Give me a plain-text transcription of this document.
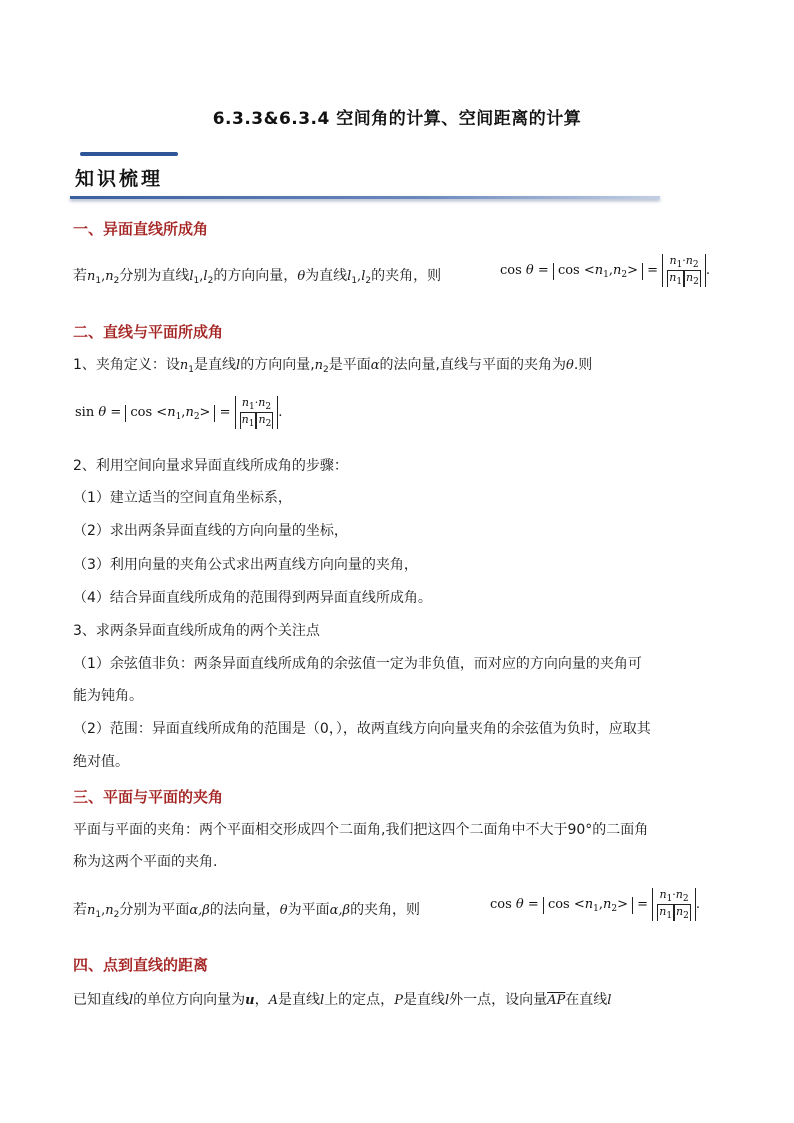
6.3.3&6.3.4 空间角的计算、空间距离的计算
知识梳理
一、异面直线所成角
若$n_1,n_2$分别为直线$l_1,l_2$的方向向量，θ为直线$l_1,l_2$的夹角，则	$\cos \theta = \cos <n_1,n_2> = \frac{n_1\cdot n_2}{n_1 n_2}$ .
二、直线与平面所成角
1、夹角定义：设$n_1$是直线l的方向向量$,n_2$是平面α的法向量,直线与平面的夹角为θ.则
$\sin \theta = \cos <n_1,n_2> = \frac{n_1\cdot n_2}{n_1 n_2}$ .
2、利用空间向量求异面直线所成角的步骤：
（1）建立适当的空间直角坐标系，
（2）求出两条异面直线的方向向量的坐标，
（3）利用向量的夹角公式求出两直线方向向量的夹角，
（4）结合异面直线所成角的范围得到两异面直线所成角。
3、求两条异面直线所成角的两个关注点
（1）余弦值非负：两条异面直线所成角的余弦值一定为非负值，而对应的方向向量的夹角可
能为钝角。
（2）范围：异面直线所成角的范围是（0，），故两直线方向向量夹角的余弦值为负时，应取其
绝对值。
三、平面与平面的夹角
平面与平面的夹角：两个平面相交形成四个二面角,我们把这四个二面角中不大于90°的二面角
称为这两个平面的夹角.
若$n_1,n_2$分别为平面α,β的法向量，θ为平面α,β的夹角，则	$\cos \theta = \cos <n_1,n_2> = \frac{n_1\cdot n_2}{n_1 n_2}$ .
四、点到直线的距离
已知直线l的单位方向向量为u，A是直线l上的定点，P是直线l外一点，设向量$\overline{AP}$在直线l
